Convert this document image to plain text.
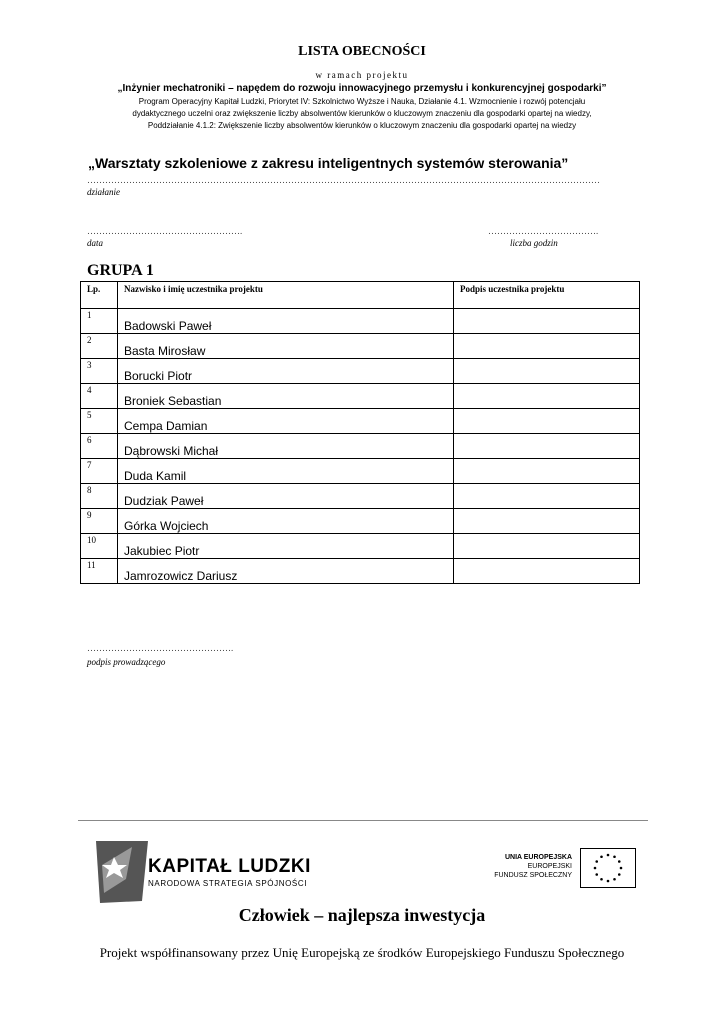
LISTA OBECNOŚCI
w ramach projektu
„Inżynier mechatroniki – napędem do rozwoju innowacyjnego przemysłu i konkurencyjnej gospodarki”
Program Operacyjny Kapitał Ludzki, Priorytet IV: Szkolnictwo Wyższe i Nauka, Działanie 4.1. Wzmocnienie i rozwój potencjału
dydaktycznego uczelni oraz zwiększenie liczby absolwentów kierunków o kluczowym znaczeniu dla gospodarki opartej na wiedzy,
Poddziałanie 4.1.2: Zwiększenie liczby absolwentów kierunków o kluczowym znaczeniu dla gospodarki opartej na wiedzy
„Warsztaty szkoleniowe z zakresu inteligentnych systemów sterowania”
………………………………………………………………………………………………………………………………………………………
działanie
…………………………………………….
data
……………………………….
liczba godzin
GRUPA 1
Lp.	Nazwisko i imię uczestnika projektu	Podpis uczestnika projektu

1	Badowski Paweł	

2	Basta Mirosław	

3	Borucki Piotr	

4	Broniek Sebastian	

5	Cempa Damian	

6	Dąbrowski Michał	

7	Duda Kamil	

8	Dudziak Paweł	

9	Górka Wojciech	

10	Jakubiec Piotr	

11	Jamrozowicz Dariusz	

………………………………………….
podpis prowadzącego
KAPITAŁ LUDZKI
NARODOWA STRATEGIA SPÓJNOŚCI
UNIA EUROPEJSKA
EUROPEJSKI
FUNDUSZ SPOŁECZNY
Człowiek – najlepsza inwestycja
Projekt współfinansowany przez Unię Europejską ze środków Europejskiego Funduszu Społecznego
